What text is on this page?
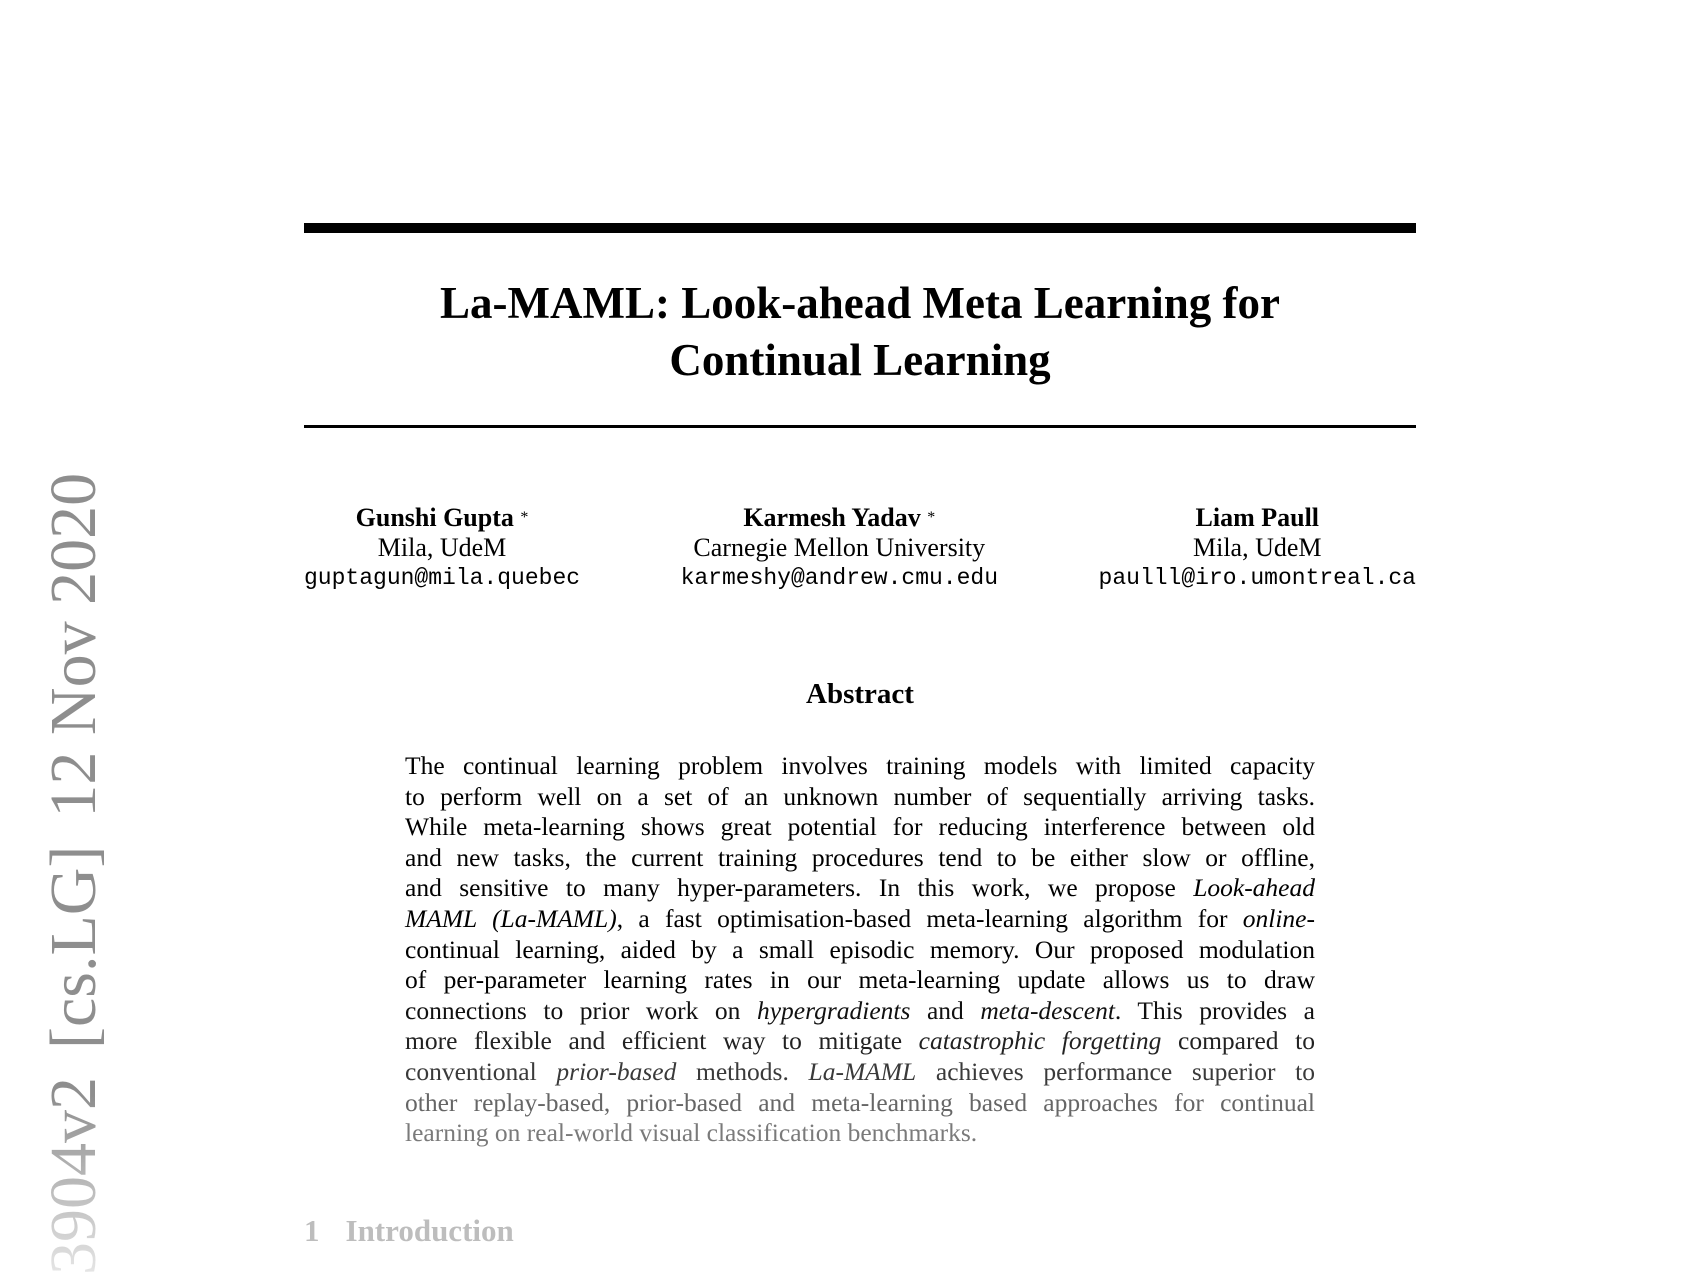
3904v2[cs.LG]12 Nov 2020
La-MAML: Look-ahead Meta Learning for
Continual Learning
Gunshi Gupta *
Mila, UdeM
guptagun@mila.quebec
Karmesh Yadav *
Carnegie Mellon University
karmeshy@andrew.cmu.edu
Liam Paull
Mila, UdeM
paulll@iro.umontreal.ca
Abstract
The continual learning problem involves training models with limited capacity
to perform well on a set of an unknown number of sequentially arriving tasks.
While meta-learning shows great potential for reducing interference between old
and new tasks, the current training procedures tend to be either slow or offline,
and sensitive to many hyper-parameters. In this work, we propose Look-ahead
MAML (La-MAML), a fast optimisation-based meta-learning algorithm for online-
continual learning, aided by a small episodic memory. Our proposed modulation
of per-parameter learning rates in our meta-learning update allows us to draw
connections to prior work on hypergradients and meta-descent. This provides a
more flexible and efficient way to mitigate catastrophic forgetting compared to
conventional prior-based methods. La-MAML achieves performance superior to
other replay-based, prior-based and meta-learning based approaches for continual
learning on real-world visual classification benchmarks.
1 Introduction
